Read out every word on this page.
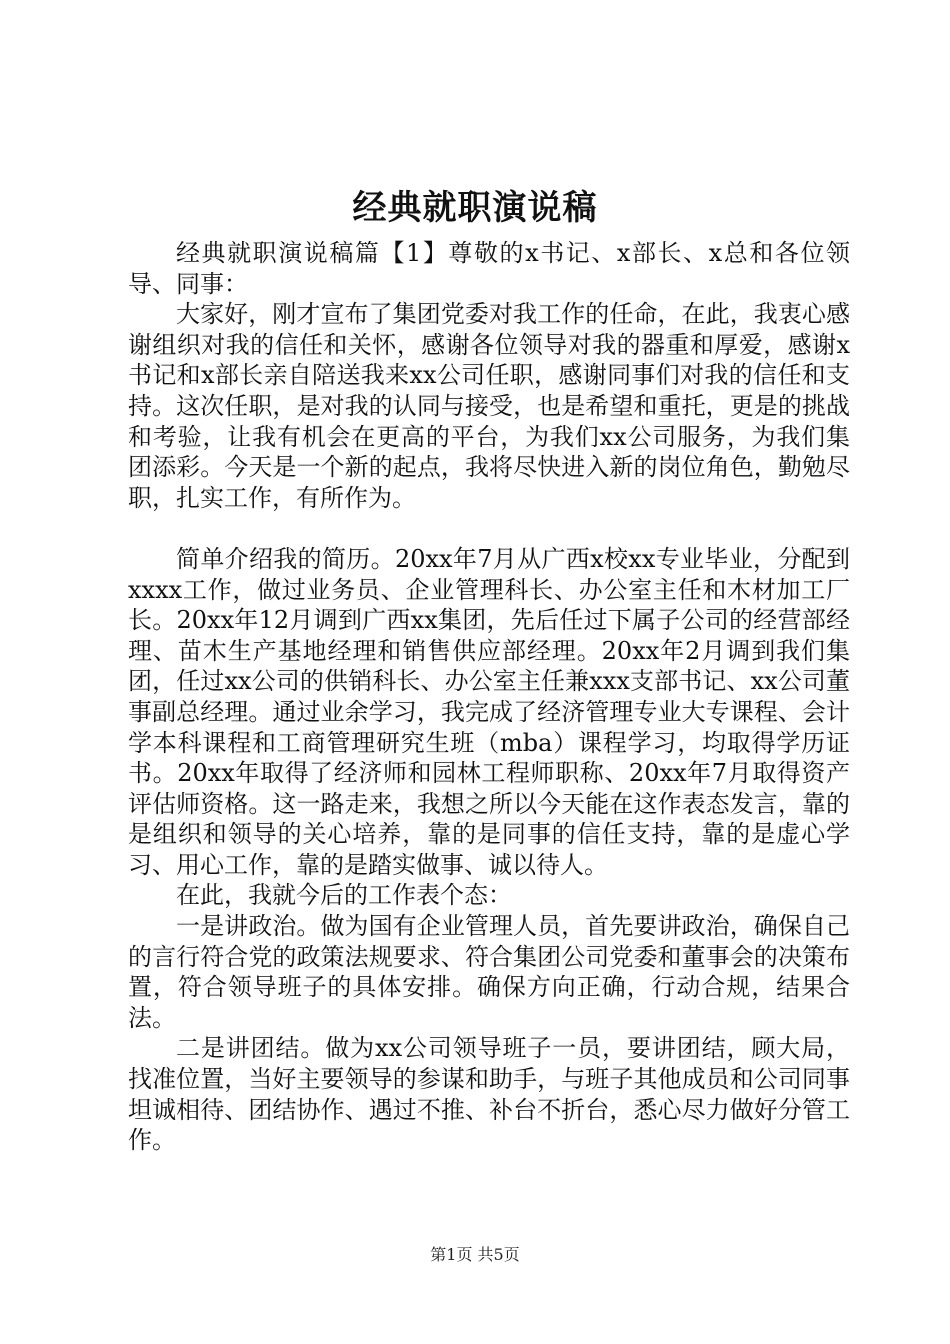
经典就职演说稿

经典就职演说稿篇【1】尊敬的x书记、x部长、x总和各位领导、同事：

大家好，刚才宣布了集团党委对我工作的任命，在此，我衷心感谢组织对我的信任和关怀，感谢各位领导对我的器重和厚爱，感谢x书记和x部长亲自陪送我来xx公司任职，感谢同事们对我的信任和支持。这次任职，是对我的认同与接受，也是希望和重托，更是的挑战和考验，让我有机会在更高的平台，为我们xx公司服务，为我们集团添彩。今天是一个新的起点，我将尽快进入新的岗位角色，勤勉尽职，扎实工作，有所作为。

简单介绍我的简历。20xx年7月从广西x校xx专业毕业，分配到xxxx工作，做过业务员、企业管理科长、办公室主任和木材加工厂长。20xx年12月调到广西xx集团，先后任过下属子公司的经营部经理、苗木生产基地经理和销售供应部经理。20xx年2月调到我们集团，任过xx公司的供销科长、办公室主任兼xxx支部书记、xx公司董事副总经理。通过业余学习，我完成了经济管理专业大专课程、会计学本科课程和工商管理研究生班（mba）课程学习，均取得学历证书。20xx年取得了经济师和园林工程师职称、20xx年7月取得资产评估师资格。这一路走来，我想之所以今天能在这作表态发言，靠的是组织和领导的关心培养，靠的是同事的信任支持，靠的是虚心学习、用心工作，靠的是踏实做事、诚以待人。

在此，我就今后的工作表个态：

一是讲政治。做为国有企业管理人员，首先要讲政治，确保自己的言行符合党的政策法规要求、符合集团公司党委和董事会的决策布置，符合领导班子的具体安排。确保方向正确，行动合规，结果合法。

二是讲团结。做为xx公司领导班子一员，要讲团结，顾大局，找准位置，当好主要领导的参谋和助手，与班子其他成员和公司同事坦诚相待、团结协作、遇过不推、补台不折台，悉心尽力做好分管工作。

第1页 共5页
